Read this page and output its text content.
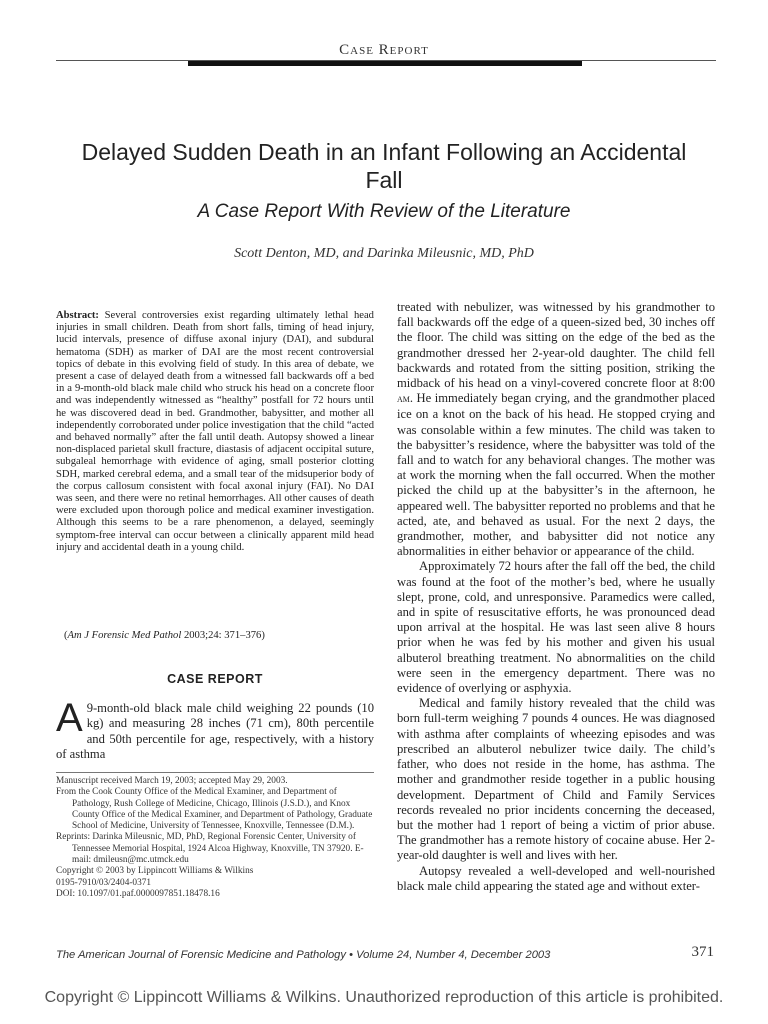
Case Report
Delayed Sudden Death in an Infant Following an Accidental Fall
A Case Report With Review of the Literature
Scott Denton, MD, and Darinka Mileusnic, MD, PhD

Abstract: Several controversies exist regarding ultimately lethal head injuries in small children. Death from short falls, timing of head injury, lucid intervals, presence of diffuse axonal injury (DAI), and subdural hematoma (SDH) as marker of DAI are the most recent controversial topics of debate in this evolving field of study. In this area of debate, we present a case of delayed death from a witnessed fall backwards off a bed in a 9-month-old black male child who struck his head on a concrete floor and was independently witnessed as “healthy” postfall for 72 hours until he was discovered dead in bed. Grandmother, babysitter, and mother all independently corroborated under police investigation that the child “acted and behaved normally” after the fall until death. Autopsy showed a linear non-displaced parietal skull fracture, diastasis of adjacent occipital suture, subgaleal hemorrhage with evidence of aging, small posterior clotting SDH, marked cerebral edema, and a small tear of the midsuperior body of the corpus callosum consistent with focal axonal injury (FAI). No DAI was seen, and there were no retinal hemorrhages. All other causes of death were excluded upon thorough police and medical examiner investigation. Although this seems to be a rare phenomenon, a delayed, seemingly symptom-free interval can occur between a clinically apparent mild head injury and accidental death in a young child.

(Am J Forensic Med Pathol 2003;24: 371–376)

CASE REPORT

A 9-month-old black male child weighing 22 pounds (10 kg) and measuring 28 inches (71 cm), 80th percentile and 50th percentile for age, respectively, with a history of asthma

Manuscript received March 19, 2003; accepted May 29, 2003.

From the Cook County Office of the Medical Examiner, and Department of Pathology, Rush College of Medicine, Chicago, Illinois (J.S.D.), and Knox County Office of the Medical Examiner, and Department of Pathology, Graduate School of Medicine, University of Tennessee, Knoxville, Tennessee (D.M.).

Reprints: Darinka Mileusnic, MD, PhD, Regional Forensic Center, University of Tennessee Memorial Hospital, 1924 Alcoa Highway, Knoxville, TN 37920. E-mail: dmileusn@mc.utmck.edu

Copyright © 2003 by Lippincott Williams & Wilkins

0195-7910/03/2404-0371

DOI: 10.1097/01.paf.0000097851.18478.16

treated with nebulizer, was witnessed by his grandmother to fall backwards off the edge of a queen-sized bed, 30 inches off the floor. The child was sitting on the edge of the bed as the grandmother dressed her 2-year-old daughter. The child fell backwards and rotated from the sitting position, striking the midback of his head on a vinyl-covered concrete floor at 8:00 am. He immediately began crying, and the grandmother placed ice on a knot on the back of his head. He stopped crying and was consolable within a few minutes. The child was taken to the babysitter’s residence, where the babysitter was told of the fall and to watch for any behavioral changes. The mother was at work the morning when the fall occurred. When the mother picked the child up at the babysitter’s in the afternoon, he appeared well. The babysitter reported no problems and that he acted, ate, and behaved as usual. For the next 2 days, the grandmother, mother, and babysitter did not notice any abnormalities in either behavior or appearance of the child.

Approximately 72 hours after the fall off the bed, the child was found at the foot of the mother’s bed, where he usually slept, prone, cold, and unresponsive. Paramedics were called, and in spite of resuscitative efforts, he was pronounced dead upon arrival at the hospital. He was last seen alive 8 hours prior when he was fed by his mother and given his usual albuterol breathing treatment. No abnormalities on the child were seen in the emergency department. There was no evidence of overlying or asphyxia.

Medical and family history revealed that the child was born full-term weighing 7 pounds 4 ounces. He was diagnosed with asthma after complaints of wheezing episodes and was prescribed an albuterol nebulizer twice daily. The child’s father, who does not reside in the home, has asthma. The mother and grandmother reside together in a public housing development. Department of Child and Family Services records revealed no prior incidents concerning the deceased, but the mother had 1 report of being a victim of prior abuse. The grandmother has a remote history of cocaine abuse. Her 2-year-old daughter is well and lives with her.

Autopsy revealed a well-developed and well-nourished black male child appearing the stated age and without exter-

The American Journal of Forensic Medicine and Pathology • Volume 24, Number 4, December 2003	371
Copyright © Lippincott Williams & Wilkins. Unauthorized reproduction of this article is prohibited.
